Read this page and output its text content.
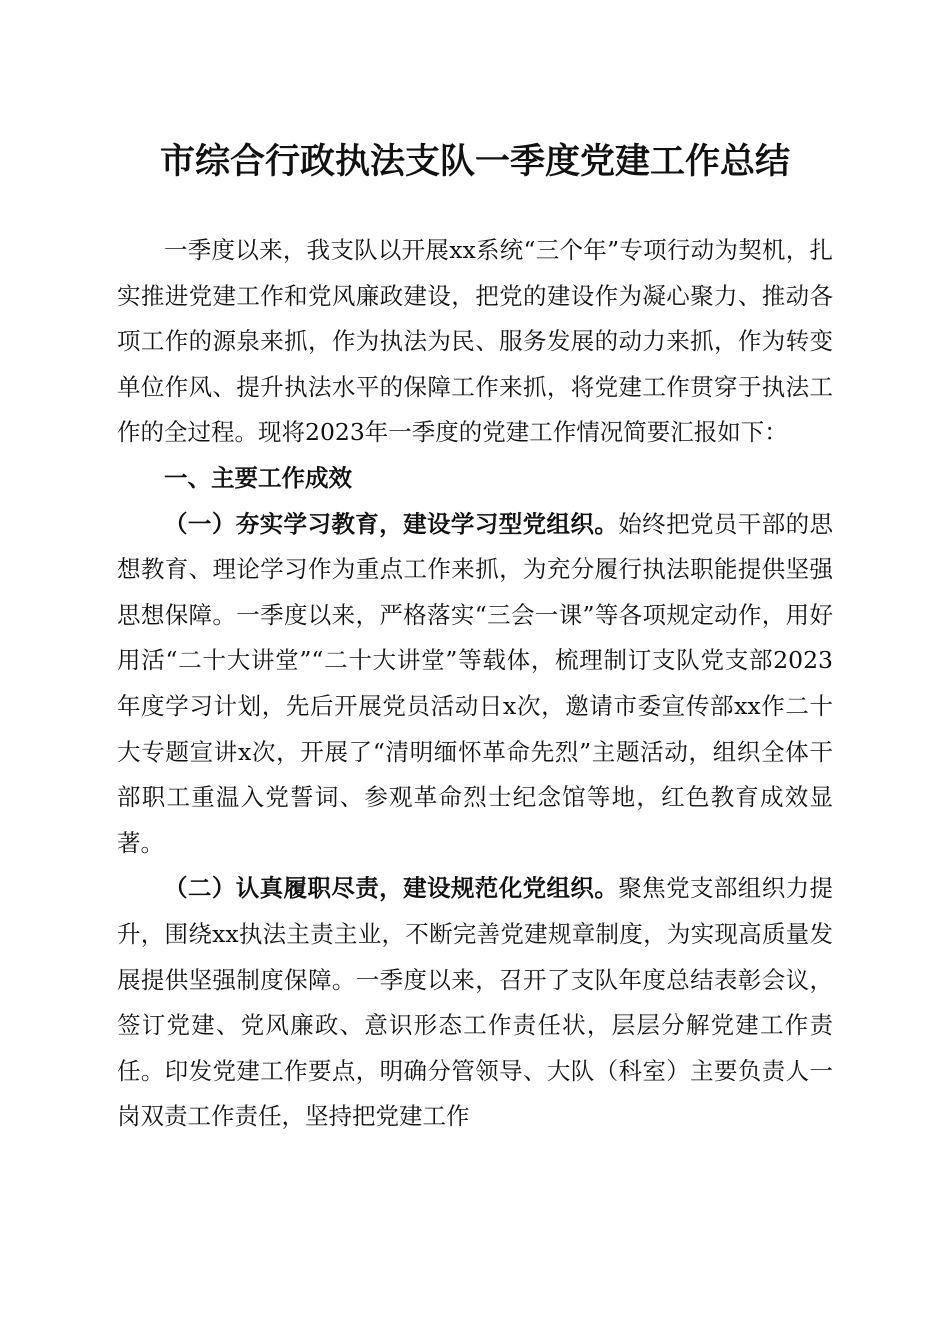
市综合行政执法支队一季度党建工作总结

一季度以来，我支队以开展xx系统“三个年”专项行动为契机，扎实推进党建工作和党风廉政建设，把党的建设作为凝心聚力、推动各项工作的源泉来抓，作为执法为民、服务发展的动力来抓，作为转变单位作风、提升执法水平的保障工作来抓，将党建工作贯穿于执法工作的全过程。现将2023年一季度的党建工作情况简要汇报如下：

一、主要工作成效

（一）夯实学习教育，建设学习型党组织。始终把党员干部的思想教育、理论学习作为重点工作来抓，为充分履行执法职能提供坚强思想保障。一季度以来，严格落实“三会一课”等各项规定动作，用好用活“二十大讲堂”“二十大讲堂”等载体，梳理制订支队党支部2023年度学习计划，先后开展党员活动日x次，邀请市委宣传部xx作二十大专题宣讲x次，开展了“清明缅怀革命先烈”主题活动，组织全体干部职工重温入党誓词、参观革命烈士纪念馆等地，红色教育成效显著。

（二）认真履职尽责，建设规范化党组织。聚焦党支部组织力提升，围绕xx执法主责主业，不断完善党建规章制度，为实现高质量发展提供坚强制度保障。一季度以来，召开了支队年度总结表彰会议，签订党建、党风廉政、意识形态工作责任状，层层分解党建工作责任。印发党建工作要点，明确分管领导、大队（科室）主要负责人一岗双责工作责任，坚持把党建工作
